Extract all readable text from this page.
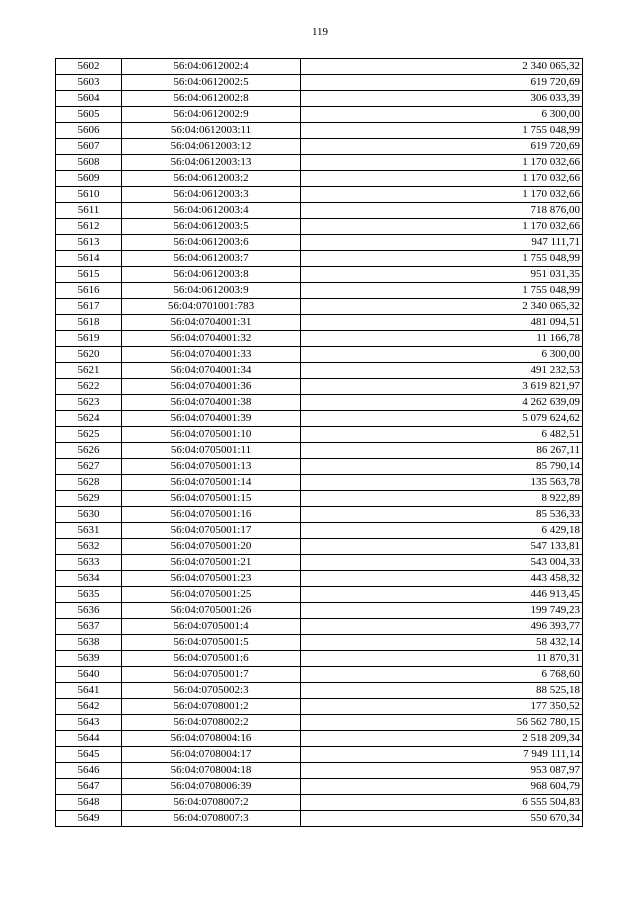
119
5602	56:04:0612002:4	2 340 065,32
5603	56:04:0612002:5	619 720,69
5604	56:04:0612002:8	306 033,39
5605	56:04:0612002:9	6 300,00
5606	56:04:0612003:11	1 755 048,99
5607	56:04:0612003:12	619 720,69
5608	56:04:0612003:13	1 170 032,66
5609	56:04:0612003:2	1 170 032,66
5610	56:04:0612003:3	1 170 032,66
5611	56:04:0612003:4	718 876,00
5612	56:04:0612003:5	1 170 032,66
5613	56:04:0612003:6	947 111,71
5614	56:04:0612003:7	1 755 048,99
5615	56:04:0612003:8	951 031,35
5616	56:04:0612003:9	1 755 048,99
5617	56:04:0701001:783	2 340 065,32
5618	56:04:0704001:31	481 094,51
5619	56:04:0704001:32	11 166,78
5620	56:04:0704001:33	6 300,00
5621	56:04:0704001:34	491 232,53
5622	56:04:0704001:36	3 619 821,97
5623	56:04:0704001:38	4 262 639,09
5624	56:04:0704001:39	5 079 624,62
5625	56:04:0705001:10	6 482,51
5626	56:04:0705001:11	86 267,11
5627	56:04:0705001:13	85 790,14
5628	56:04:0705001:14	135 563,78
5629	56:04:0705001:15	8 922,89
5630	56:04:0705001:16	85 536,33
5631	56:04:0705001:17	6 429,18
5632	56:04:0705001:20	547 133,81
5633	56:04:0705001:21	543 004,33
5634	56:04:0705001:23	443 458,32
5635	56:04:0705001:25	446 913,45
5636	56:04:0705001:26	199 749,23
5637	56:04:0705001:4	496 393,77
5638	56:04:0705001:5	58 432,14
5639	56:04:0705001:6	11 870,31
5640	56:04:0705001:7	6 768,60
5641	56:04:0705002:3	88 525,18
5642	56:04:0708001:2	177 350,52
5643	56:04:0708002:2	56 562 780,15
5644	56:04:0708004:16	2 518 209,34
5645	56:04:0708004:17	7 949 111,14
5646	56:04:0708004:18	953 087,97
5647	56:04:0708006:39	968 604,79
5648	56:04:0708007:2	6 555 504,83
5649	56:04:0708007:3	550 670,34
